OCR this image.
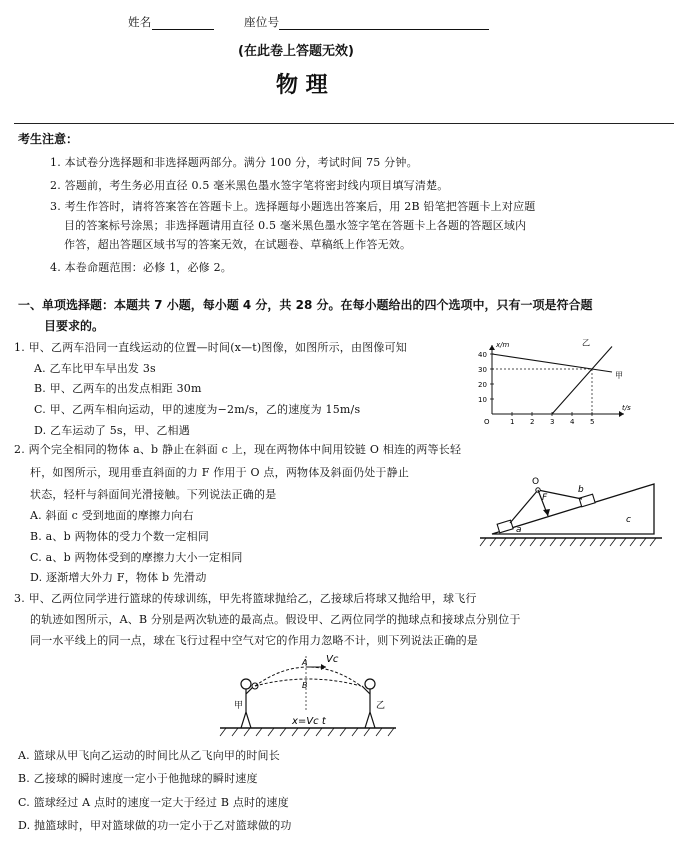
姓名	座位号
(在此卷上答题无效)
物 理
考生注意：
1. 本试卷分选择题和非选择题两部分。满分 100 分，考试时间 75 分钟。
2. 答题前，考生务必用直径 0.5 毫米黑色墨水签字笔将密封线内项目填写清楚。
3. 考生作答时，请将答案答在答题卡上。选择题每小题选出答案后，用 2B 铅笔把答题卡上对应题
目的答案标号涂黑；非选择题请用直径 0.5 毫米黑色墨水签字笔在答题卡上各题的答题区域内
作答，超出答题区域书写的答案无效，在试题卷、草稿纸上作答无效。
4. 本卷命题范围：必修 1，必修 2。
一、单项选择题：本题共 7 小题，每小题 4 分，共 28 分。在每小题给出的四个选项中，只有一项是符合题
目要求的。
1. 甲、乙两车沿同一直线运动的位置—时间(x—t)图像，如图所示，由图像可知
A. 乙车比甲车早出发 3s
B. 甲、乙两车的出发点相距 30m
C. 甲、乙两车相向运动，甲的速度为−2m/s，乙的速度为 15m/s
D. 乙车运动了 5s，甲、乙相遇
40
30
20
10
1 2 3 4 5
O
x/m
t/s
甲
乙
2. 两个完全相同的物体 a、b 静止在斜面 c 上，现在两物体中间用铰链 O 相连的两等长轻
杆，如图所示，现用垂直斜面的力 F 作用于 O 点，两物体及斜面仍处于静止
状态，轻杆与斜面间光滑接触。下列说法正确的是
A. 斜面 c 受到地面的摩擦力向右
B. a、b 两物体的受力个数一定相同
C. a、b 两物体受到的摩擦力大小一定相同
D. 逐渐增大外力 F，物体 b 先滑动
O
F
a
b
c
3. 甲、乙两位同学进行篮球的传球训练，甲先将篮球抛给乙，乙接球后将球又抛给甲，球飞行
的轨迹如图所示，A、B 分别是两次轨迹的最高点。假设甲、乙两位同学的抛球点和接球点分别位于
同一水平线上的同一点，球在飞行过程中空气对它的作用力忽略不计，则下列说法正确的是
甲	乙
A
B
Vc
x=Vc t
A. 篮球从甲飞向乙运动的时间比从乙飞向甲的时间长
B. 乙接球的瞬时速度一定小于他抛球的瞬时速度
C. 篮球经过 A 点时的速度一定大于经过 B 点时的速度
D. 抛篮球时，甲对篮球做的功一定小于乙对篮球做的功
